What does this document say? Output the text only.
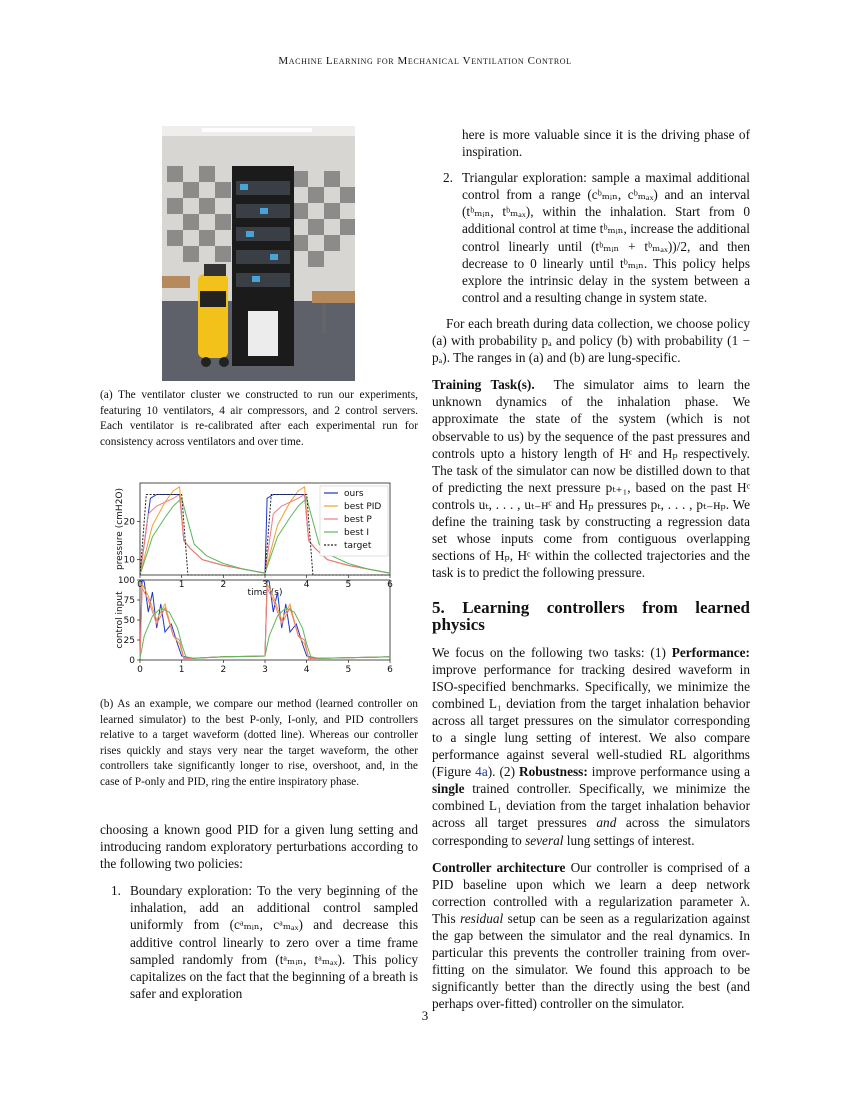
Machine Learning for Mechanical Ventilation Control
(a) The ventilator cluster we constructed to run our experiments, featuring 10 ventilators, 4 air compressors, and 2 control servers. Each ventilator is re-calibrated after each experimental run for consistency across ventilators and over time.
0	1	2	3	4	5	6
10
20
pressure (cmH2O)
time (s)
ours
best PID
best P
best I
target
0	1	2	3	4	5	6
0
25
50
75
100
control input
(b) As an example, we compare our method (learned controller on learned simulator) to the best P-only, I-only, and PID controllers relative to a target waveform (dotted line). Whereas our controller rises quickly and stays very near the target waveform, the other controllers take significantly longer to rise, overshoot, and, in the case of P-only and PID, ring the entire inspiratory phase.

choosing a known good PID for a given lung setting and introducing random exploratory perturbations according to the following two policies:

1. Boundary exploration: To the very beginning of the inhalation, add an additional control sampled uniformly from (cᵃₘᵢₙ, cᵃₘₐₓ) and decrease this additive control linearly to zero over a time frame sampled randomly from (tᵃₘᵢₙ, tᵃₘₐₓ). This policy capitalizes on the fact that the beginning of a breath is safer and exploration

here is more valuable since it is the driving phase of inspiration.

2. Triangular exploration: sample a maximal additional control from a range (cᵇₘᵢₙ, cᵇₘₐₓ) and an interval (tᵇₘᵢₙ, tᵇₘₐₓ), within the inhalation. Start from 0 additional control at time tᵇₘᵢₙ, increase the additional control linearly until (tᵇₘᵢₙ + tᵇₘₐₓ))/2, and then decrease to 0 linearly until tᵇₘᵢₙ. This policy helps explore the intrinsic delay in the system between a control and a resulting change in system state.

For each breath during data collection, we choose policy (a) with probability pₐ and policy (b) with probability (1 − pₐ). The ranges in (a) and (b) are lung-specific.

Training Task(s). The simulator aims to learn the unknown dynamics of the inhalation phase. We approximate the state of the system (which is not observable to us) by the sequence of the past pressures and controls upto a history length of Hᶜ and Hₚ respectively. The task of the simulator can now be distilled down to that of predicting the next pressure pₜ₊₁, based on the past Hᶜ controls uₜ, . . . , uₜ₋ʜᶜ and Hₚ pressures pₜ, . . . , pₜ₋ʜₚ. We define the training task by constructing a regression data set whose inputs come from contiguous overlapping sections of Hₚ, Hᶜ within the collected trajectories and the task is to predict the following pressure.

5. Learning controllers from learned physics

We focus on the following two tasks: (1) Performance: improve performance for tracking desired waveform in ISO-specified benchmarks. Specifically, we minimize the combined L₁ deviation from the target inhalation behavior across all target pressures on the simulator corresponding to a single lung setting of interest. We also compare performance against several well-studied RL algorithms (Figure 4a). (2) Robustness: improve performance using a single trained controller. Specifically, we minimize the combined L₁ deviation from the target inhalation behavior across all target pressures and across the simulators corresponding to several lung settings of interest.

Controller architecture Our controller is comprised of a PID baseline upon which we learn a deep network correction controlled with a regularization parameter λ. This residual setup can be seen as a regularization against the gap between the simulator and the real dynamics. In particular this prevents the controller training from over-fitting on the simulator. We found this approach to be significantly better than the directly using the best (and perhaps over-fitted) controller on the simulator.

3
